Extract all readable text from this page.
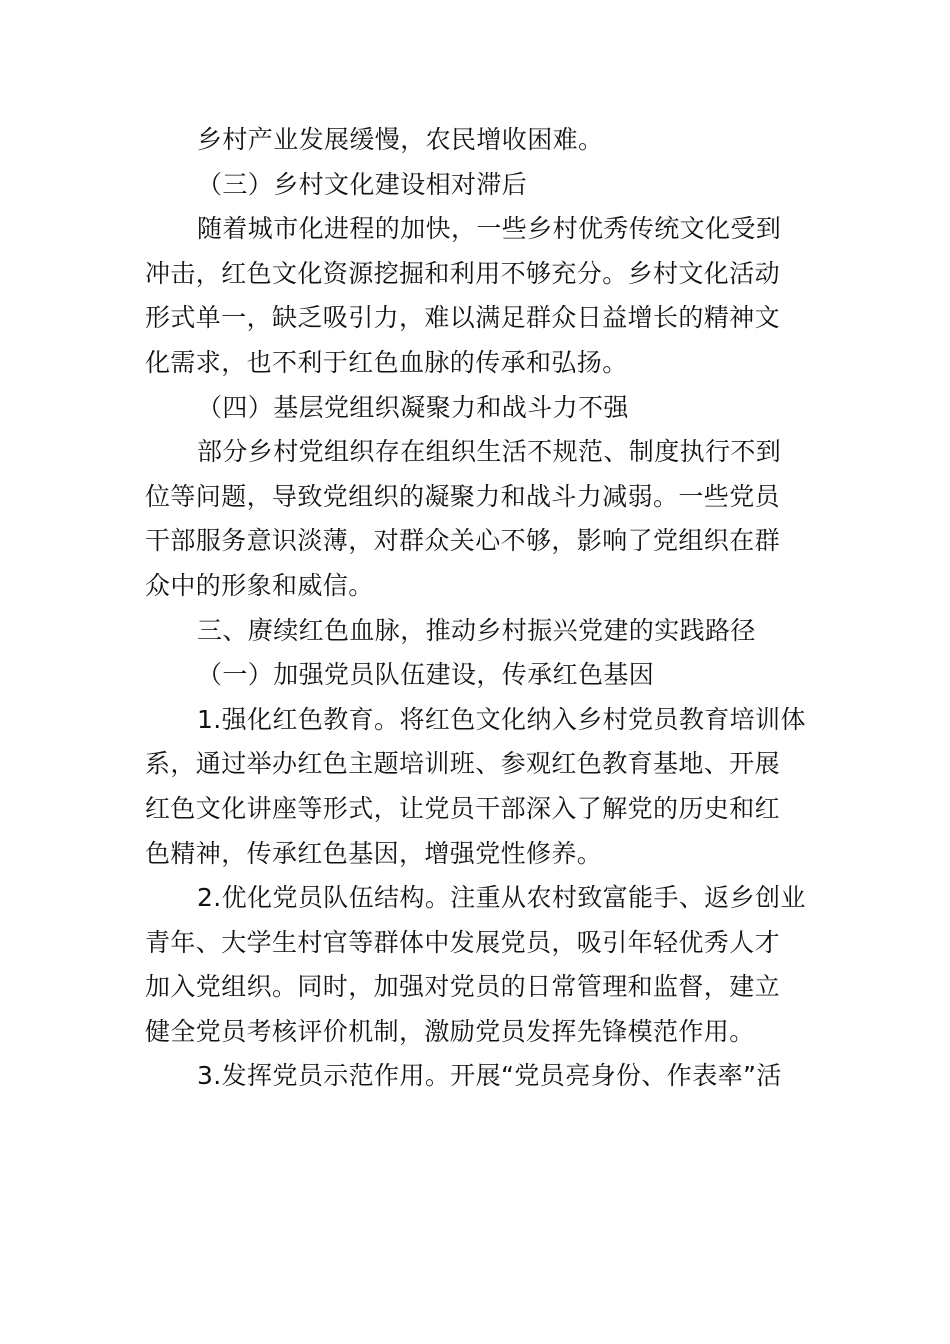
乡村产业发展缓慢，农民增收困难。
（三）乡村文化建设相对滞后
随着城市化进程的加快，一些乡村优秀传统文化受到
冲击，红色文化资源挖掘和利用不够充分。乡村文化活动
形式单一，缺乏吸引力，难以满足群众日益增长的精神文
化需求，也不利于红色血脉的传承和弘扬。
（四）基层党组织凝聚力和战斗力不强
部分乡村党组织存在组织生活不规范、制度执行不到
位等问题，导致党组织的凝聚力和战斗力减弱。一些党员
干部服务意识淡薄，对群众关心不够，影响了党组织在群
众中的形象和威信。
三、赓续红色血脉，推动乡村振兴党建的实践路径
（一）加强党员队伍建设，传承红色基因
1.强化红色教育。将红色文化纳入乡村党员教育培训体
系，通过举办红色主题培训班、参观红色教育基地、开展
红色文化讲座等形式，让党员干部深入了解党的历史和红
色精神，传承红色基因，增强党性修养。
2.优化党员队伍结构。注重从农村致富能手、返乡创业
青年、大学生村官等群体中发展党员，吸引年轻优秀人才
加入党组织。同时，加强对党员的日常管理和监督，建立
健全党员考核评价机制，激励党员发挥先锋模范作用。
3.发挥党员示范作用。开展“党员亮身份、作表率”活
